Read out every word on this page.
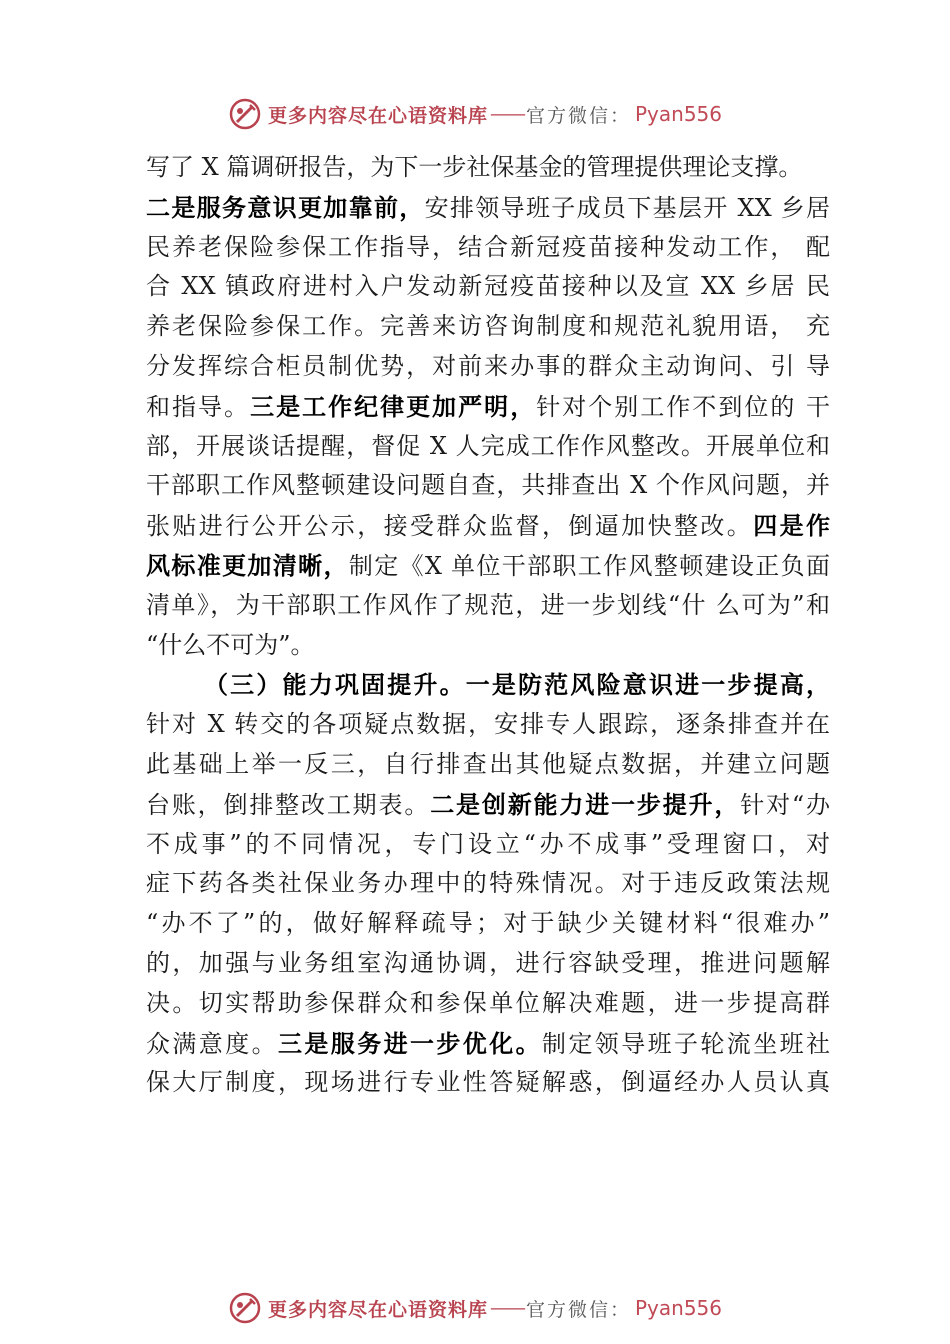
更多内容尽在心语资料库 —— 官方微信： Pyan556
写了 X 篇调研报告，为下一步社保基金的管理提供理论支撑。
二是服务意识更加靠前，安排领导班子成员下基层开 XX 乡居
民养老保险参保工作指导，结合新冠疫苗接种发动工作， 配
合 XX 镇政府进村入户发动新冠疫苗接种以及宣 XX 乡居 民
养老保险参保工作。完善来访咨询制度和规范礼貌用语， 充
分发挥综合柜员制优势，对前来办事的群众主动询问、引 导
和指导。三是工作纪律更加严明，针对个别工作不到位的 干
部，开展谈话提醒，督促 X 人完成工作作风整改。开展单位和
干部职工作风整顿建设问题自查，共排查出 X 个作风问题，并
张贴进行公开公示，接受群众监督，倒逼加快整改。四是作
风标准更加清晰，制定《X 单位干部职工作风整顿建设正负面
清单》，为干部职工作风作了规范，进一步划线“什 么可为”和
“什么不可为”。
（三）能力巩固提升。一是防范风险意识进一步提高，
针对 X 转交的各项疑点数据，安排专人跟踪，逐条排查并在
此基础上举一反三，自行排查出其他疑点数据，并建立问题
台账，倒排整改工期表。二是创新能力进一步提升，针对“办
不成事”的不同情况，专门设立“办不成事”受理窗口，对
症下药各类社保业务办理中的特殊情况。对于违反政策法规
“办不了”的，做好解释疏导；对于缺少关键材料“很难办”
的，加强与业务组室沟通协调，进行容缺受理，推进问题解
决。切实帮助参保群众和参保单位解决难题，进一步提高群
众满意度。三是服务进一步优化。制定领导班子轮流坐班社
保大厅制度，现场进行专业性答疑解惑，倒逼经办人员认真
更多内容尽在心语资料库 —— 官方微信： Pyan556
